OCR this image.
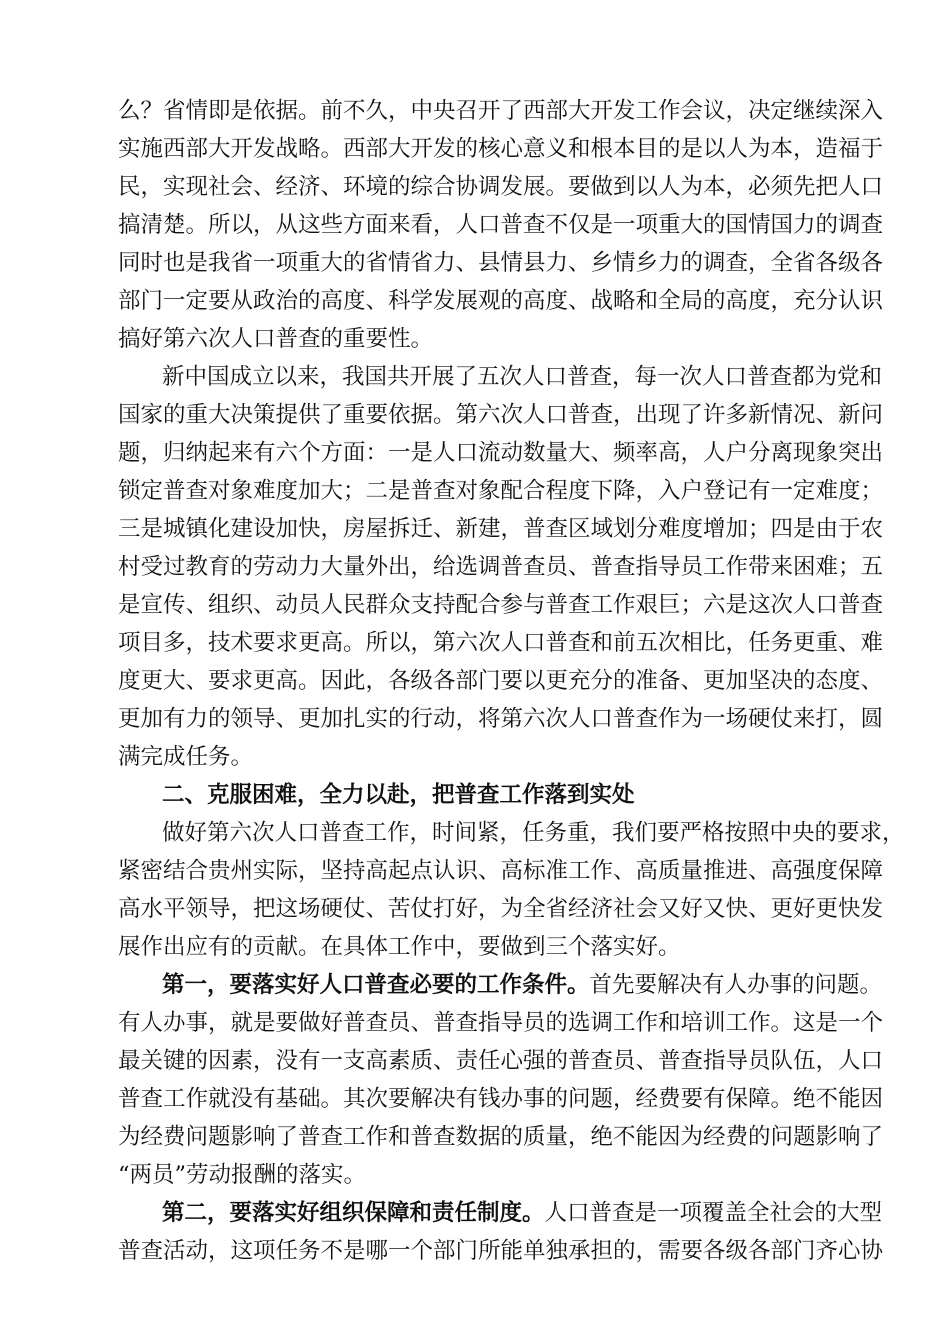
么？省情即是依据。前不久，中央召开了西部大开发工作会议，决定继续深入
实施西部大开发战略。西部大开发的核心意义和根本目的是以人为本，造福于
民，实现社会、经济、环境的综合协调发展。要做到以人为本，必须先把人口
搞清楚。所以，从这些方面来看，人口普查不仅是一项重大的国情国力的调查
同时也是我省一项重大的省情省力、县情县力、乡情乡力的调查，全省各级各
部门一定要从政治的高度、科学发展观的高度、战略和全局的高度，充分认识
搞好第六次人口普查的重要性。
新中国成立以来，我国共开展了五次人口普查，每一次人口普查都为党和
国家的重大决策提供了重要依据。第六次人口普查，出现了许多新情况、新问
题，归纳起来有六个方面：一是人口流动数量大、频率高，人户分离现象突出
锁定普查对象难度加大；二是普查对象配合程度下降，入户登记有一定难度；
三是城镇化建设加快，房屋拆迁、新建，普查区域划分难度增加；四是由于农
村受过教育的劳动力大量外出，给选调普查员、普查指导员工作带来困难；五
是宣传、组织、动员人民群众支持配合参与普查工作艰巨；六是这次人口普查
项目多，技术要求更高。所以，第六次人口普查和前五次相比，任务更重、难
度更大、要求更高。因此，各级各部门要以更充分的准备、更加坚决的态度、
更加有力的领导、更加扎实的行动，将第六次人口普查作为一场硬仗来打，圆
满完成任务。
二、克服困难，全力以赴，把普查工作落到实处
做好第六次人口普查工作，时间紧，任务重，我们要严格按照中央的要求，
紧密结合贵州实际，坚持高起点认识、高标准工作、高质量推进、高强度保障
高水平领导，把这场硬仗、苦仗打好，为全省经济社会又好又快、更好更快发
展作出应有的贡献。在具体工作中，要做到三个落实好。
第一，要落实好人口普查必要的工作条件。首先要解决有人办事的问题。
有人办事，就是要做好普查员、普查指导员的选调工作和培训工作。这是一个
最关键的因素，没有一支高素质、责任心强的普查员、普查指导员队伍，人口
普查工作就没有基础。其次要解决有钱办事的问题，经费要有保障。绝不能因
为经费问题影响了普查工作和普查数据的质量，绝不能因为经费的问题影响了
“两员”劳动报酬的落实。
第二，要落实好组织保障和责任制度。人口普查是一项覆盖全社会的大型
普查活动，这项任务不是哪一个部门所能单独承担的，需要各级各部门齐心协
